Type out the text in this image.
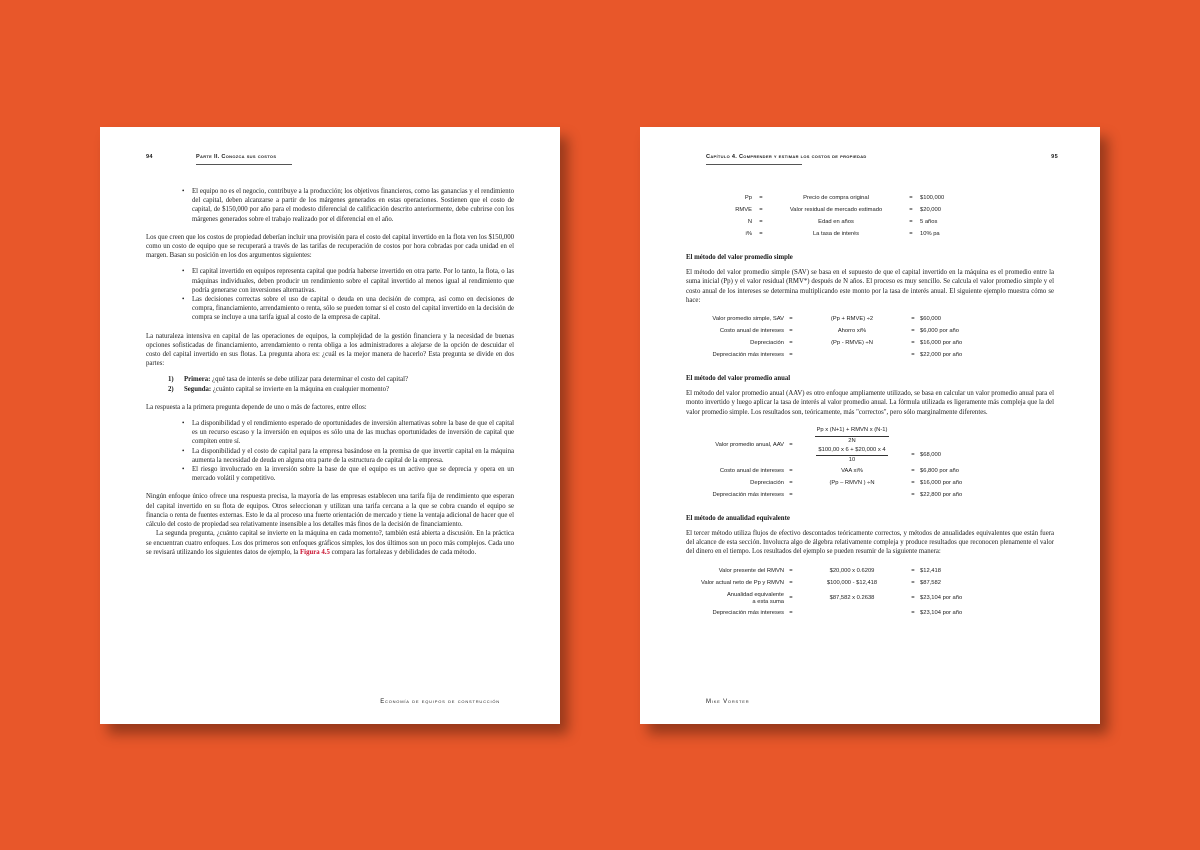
94	Parte II. Conozca sus costos
• El equipo no es el negocio, contribuye a la producción; los objetivos financieros, como las ganancias y el rendimiento del capital, deben alcanzarse a partir de los márgenes generados en estas operaciones. Sostienen que el costo de capital, de $150,000 por año para el modesto diferencial de calificación descrito anteriormente, debe cubrirse con los márgenes generados sobre el trabajo realizado por el diferencial en el año.

Los que creen que los costos de propiedad deberían incluir una provisión para el costo del capital invertido en la flota ven los $150,000 como un costo de equipo que se recuperará a través de las tarifas de recuperación de costos por hora cobradas por cada unidad en el margen. Basan su posición en los dos argumentos siguientes:

• El capital invertido en equipos representa capital que podría haberse invertido en otra parte. Por lo tanto, la flota, o las máquinas individuales, deben producir un rendimiento sobre el capital invertido al menos igual al rendimiento que podría generarse con inversiones alternativas.
• Las decisiones correctas sobre el uso de capital o deuda en una decisión de compra, así como en decisiones de compra, financiamiento, arrendamiento o renta, sólo se pueden tomar si el costo del capital invertido en la decisión de compra se incluye a una tarifa igual al costo de la empresa de capital.

La naturaleza intensiva en capital de las operaciones de equipos, la complejidad de la gestión financiera y la necesidad de buenas opciones sofisticadas de financiamiento, arrendamiento o renta obliga a los administradores a alejarse de la opción de descuidar el costo del capital invertido en sus flotas. La pregunta ahora es: ¿cuál es la mejor manera de hacerlo? Esta pregunta se divide en dos partes:

1) Primera: ¿qué tasa de interés se debe utilizar para determinar el costo del capital?
2) Segunda: ¿cuánto capital se invierte en la máquina en cualquier momento?

La respuesta a la primera pregunta depende de uno o más de factores, entre ellos:

• La disponibilidad y el rendimiento esperado de oportunidades de inversión alternativas sobre la base de que el capital es un recurso escaso y la inversión en equipos es sólo una de las muchas oportunidades de inversión de capital que compiten entre sí.
• La disponibilidad y el costo de capital para la empresa basándose en la premisa de que invertir capital en la máquina aumenta la necesidad de deuda en alguna otra parte de la estructura de capital de la empresa.
• El riesgo involucrado en la inversión sobre la base de que el equipo es un activo que se deprecia y opera en un mercado volátil y competitivo.

Ningún enfoque único ofrece una respuesta precisa, la mayoría de las empresas establecen una tarifa fija de rendimiento que esperan del capital invertido en su flota de equipos. Otros seleccionan y utilizan una tarifa cercana a la que se cobra cuando el equipo se financia o renta de fuentes externas. Esto le da al proceso una fuerte orientación de mercado y tiene la ventaja adicional de hacer que el cálculo del costo de propiedad sea relativamente insensible a los detalles más finos de la decisión de financiamiento.

La segunda pregunta, ¿cuánto capital se invierte en la máquina en cada momento?, también está abierta a discusión. En la práctica se encuentran cuatro enfoques. Los dos primeros son enfoques gráficos simples, los dos últimos son un poco más complejos. Cada uno se revisará utilizando los siguientes datos de ejemplo, la Figura 4.5 compara las fortalezas y debilidades de cada método.

Economía de equipos de construcción
Capítulo 4. Comprender y estimar los costos de propiedad	95
Pp	=	Precio de compra original	=	$100,000
RMVE	=	Valor residual de mercado estimado	=	$20,000
N	=	Edad en años	=	5 años
i%	=	La tasa de interés	=	10% pa
El método del valor promedio simple

El método del valor promedio simple (SAV) se basa en el supuesto de que el capital invertido en la máquina es el promedio entre la suma inicial (Pp) y el valor residual (RMV*) después de N años. El proceso es muy sencillo. Se calcula el valor promedio simple y el costo anual de los intereses se determina multiplicando este monto por la tasa de interés anual. El siguiente ejemplo muestra cómo se hace:

Valor promedio simple, SAV	=	(Pp + RMVE) ÷2	=	$60,000
Costo anual de intereses	=	Ahorro xi%	=	$6,000 por año
Depreciación	=	(Pp - RMVE) ÷N	=	$16,000 por año
Depreciación más intereses	=		=	$22,000 por año
El método del valor promedio anual

El método del valor promedio anual (AAV) es otro enfoque ampliamente utilizado, se basa en calcular un valor promedio anual para el monto invertido y luego aplicar la tasa de interés al valor promedio anual. La fórmula utilizada es ligeramente más compleja que la del valor promedio simple. Los resultados son, teóricamente, más "correctos", pero sólo marginalmente diferentes.

Valor promedio anual, AAV	=	$\frac{\text{Pp x (N+1) + RMVN x (N-1)}}{2N}$

$\frac{\$100,00 x 6 + \$20,000 x 4}{10}$	=	$68,000
Costo anual de intereses	=	VAA xi%	=	$6,800 por año
Depreciación	=	(Pp – RMVN ) ÷N	=	$16,000 por año
Depreciación más intereses	=		=	$22,800 por año
El método de anualidad equivalente

El tercer método utiliza flujos de efectivo descontados teóricamente correctos, y métodos de anualidades equivalentes que están fuera del alcance de esta sección. Involucra algo de álgebra relativamente compleja y produce resultados que reconocen plenamente el valor del dinero en el tiempo. Los resultados del ejemplo se pueden resumir de la siguiente manera:

Valor presente del RMVN	=	$20,000 x 0.6209	=	$12,418
Valor actual neto de Pp y RMVN	=	$100,000 - $12,418	=	$87,582
Anualidad equivalente
a esta suma	=	$87,582 x 0.2638	=	$23,104 por año
Depreciación más intereses	=		=	$23,104 por año
Mike Vorster
